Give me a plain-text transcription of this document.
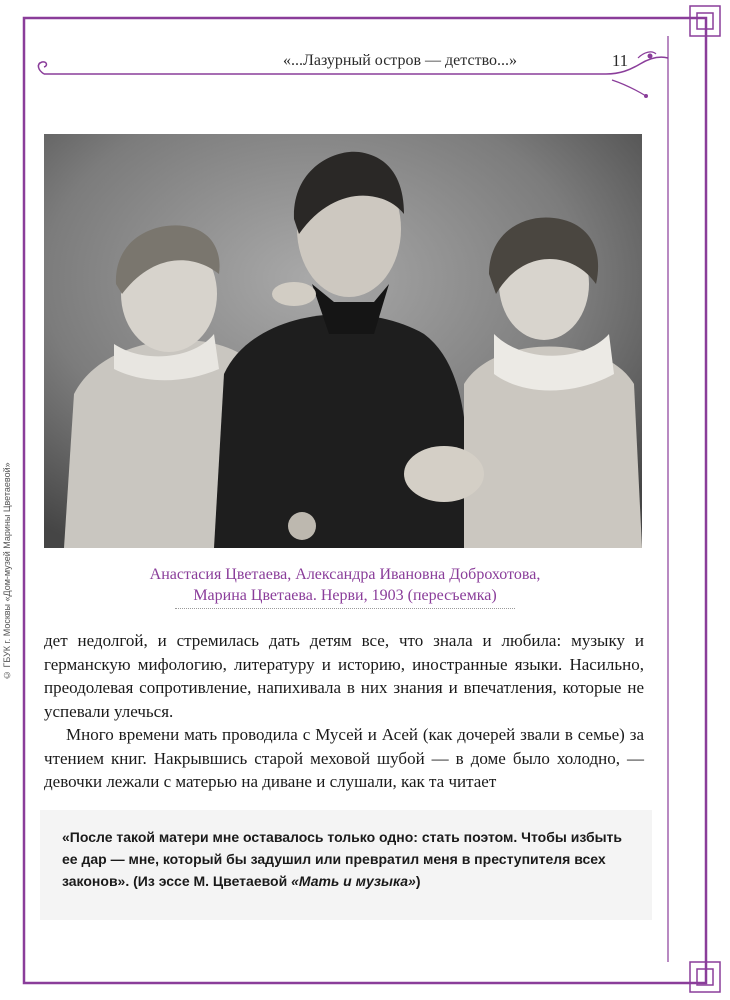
© ГБУК г. Москвы «Дом-музей Марины Цветаевой»
«...Лазурный остров — детство...»	11
Анастасия Цветаева, Александра Ивановна Доброхотова,
Марина Цветаева. Нерви, 1903 (пересъемка)

дет недолгой, и стремилась дать детям все, что знала и любила: музыку и германскую мифологию, литературу и историю, иностранные языки. Насильно, преодолевая сопротивление, напихивала в них знания и впечатления, которые не успевали улечься.

Много времени мать проводила с Мусей и Асей (как дочерей звали в семье) за чтением книг. Накрывшись старой меховой шубой — в доме было холодно, — девочки лежали с матерью на диване и слушали, как та читает

«После такой матери мне оставалось только одно: стать поэтом. Чтобы избыть ее дар — мне, который бы задушил или превратил меня в преступителя всех законов». (Из эссе М. Цветаевой «Мать и музыка»)
